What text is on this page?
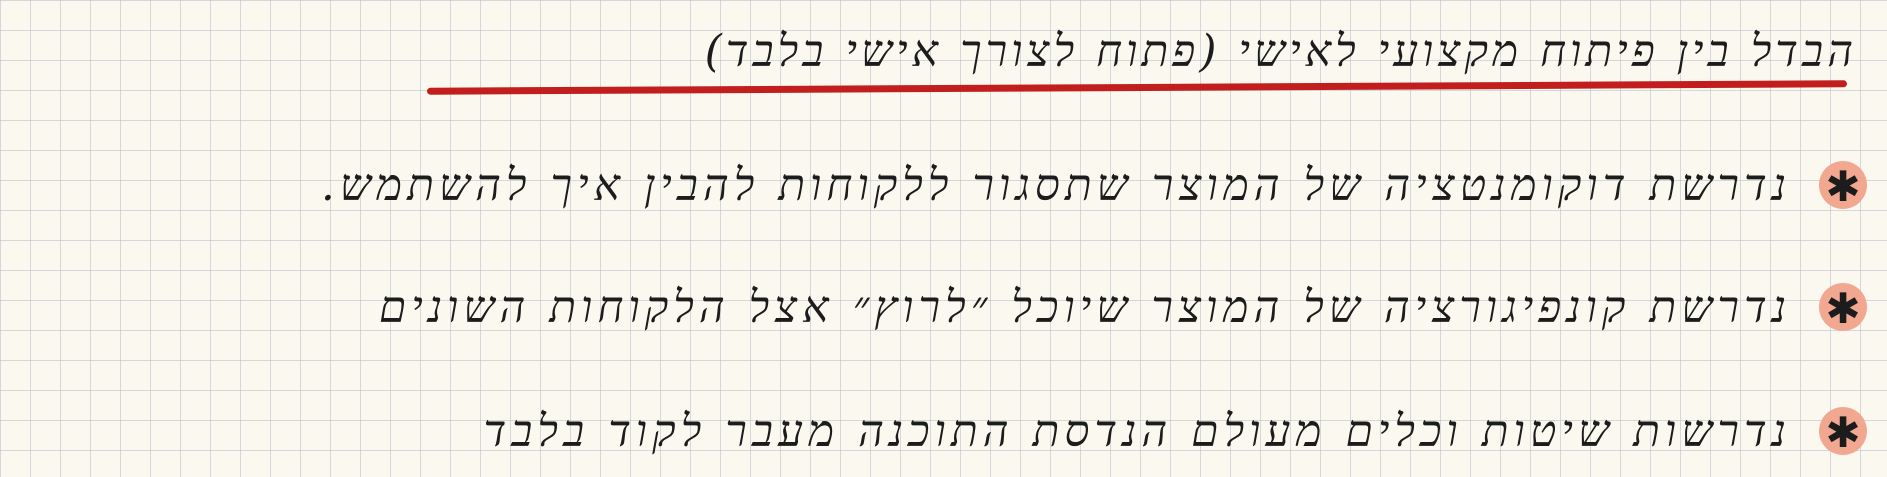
הבדל בין פיתוח מקצועי לאישי (פתוח לצורך אישי בלבד)
✱
נדרשת דוקומנטציה של המוצר שתסגור ללקוחות להבין איך להשתמש.
✱
נדרשת קונפיגורציה של המוצר שיוכל ״לרוץ״ אצל הלקוחות השונים
✱
נדרשות שיטות וכלים מעולם הנדסת התוכנה מעבר לקוד בלבד
